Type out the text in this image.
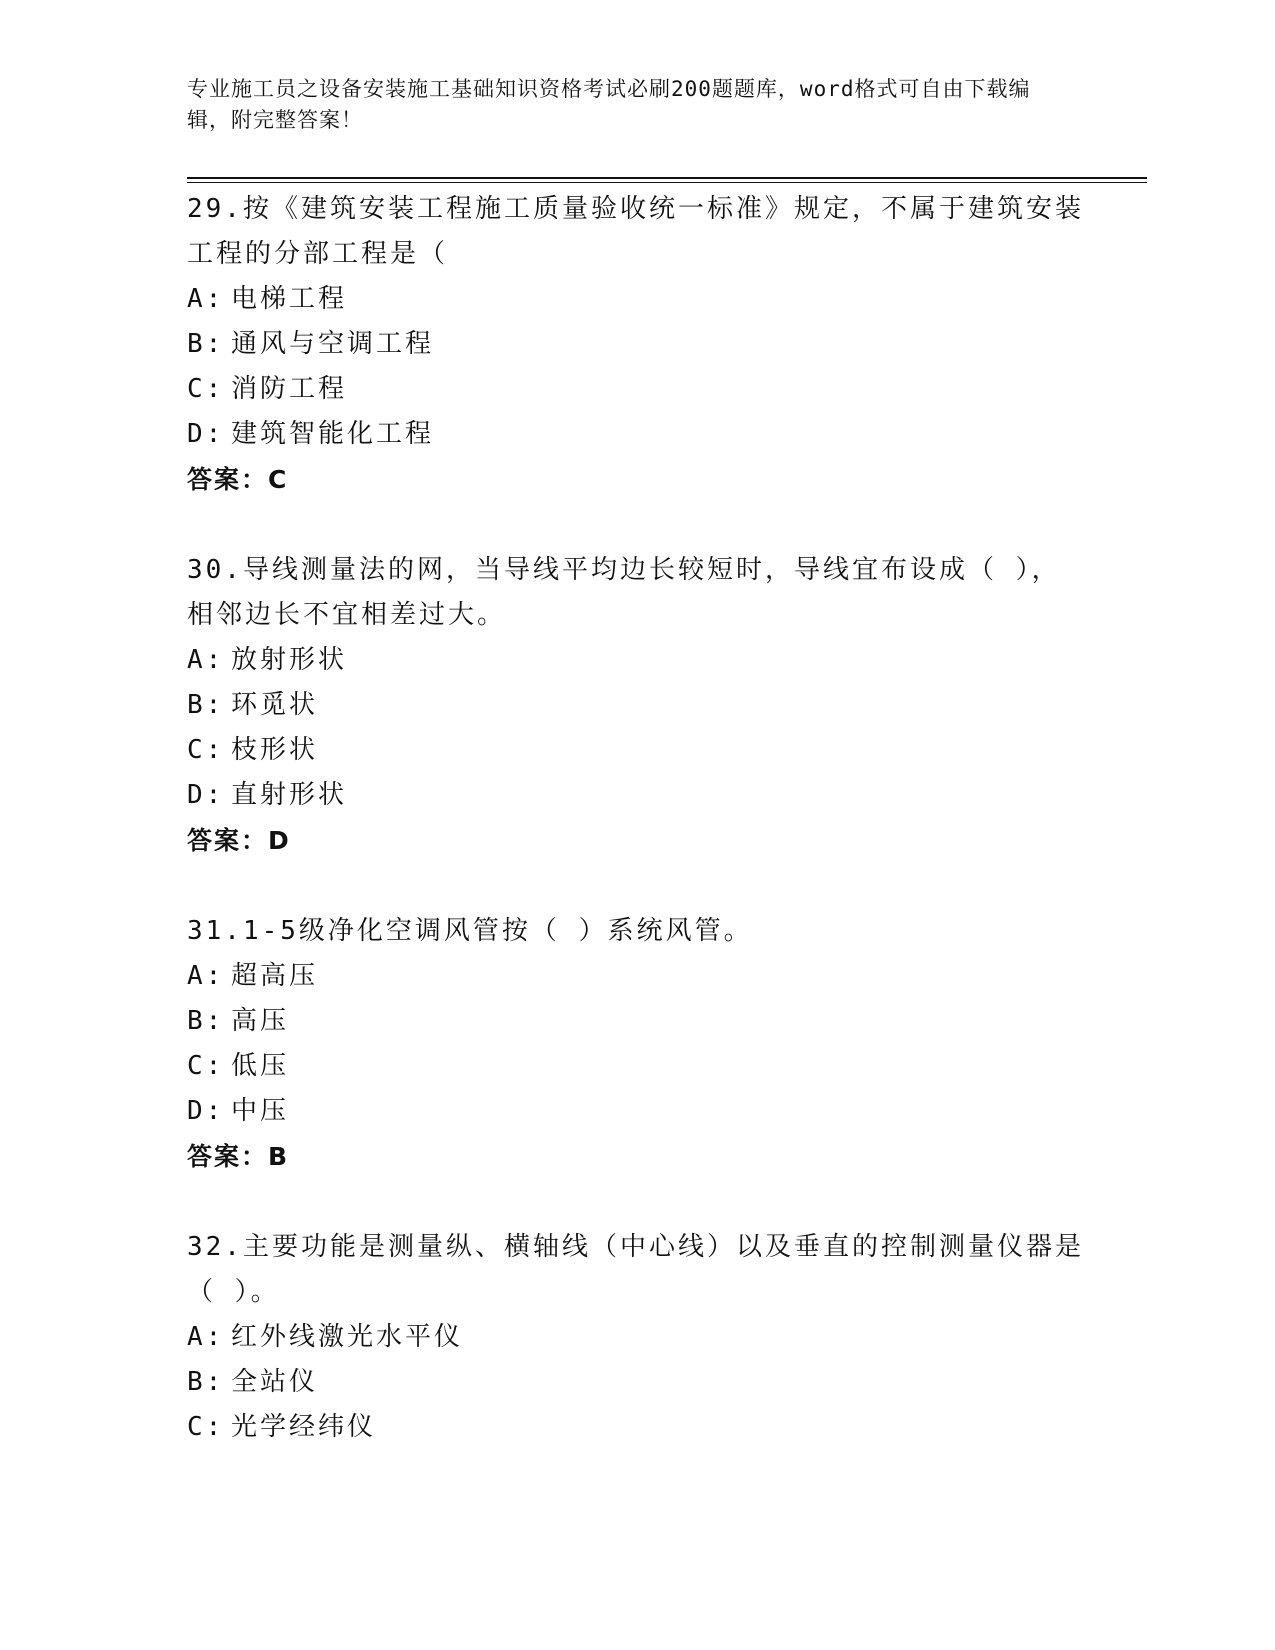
专业施工员之设备安装施工基础知识资格考试必刷200题题库，word格式可自由下载编辑，附完整答案！

29.按《建筑安装工程施工质量验收统一标准》规定，不属于建筑安装工程的分部工程是（

A: 电梯工程

B: 通风与空调工程

C: 消防工程

D: 建筑智能化工程

答案：C

30.导线测量法的网，当导线平均边长较短时，导线宜布设成（ ），相邻边长不宜相差过大。

A: 放射形状

B: 环觅状

C: 枝形状

D: 直射形状

答案：D

31.1-5级净化空调风管按（ ）系统风管。

A: 超高压

B: 高压

C: 低压

D: 中压

答案：B

32.主要功能是测量纵、横轴线（中心线）以及垂直的控制测量仪器是（ ）。

A: 红外线激光水平仪

B: 全站仪

C: 光学经纬仪
